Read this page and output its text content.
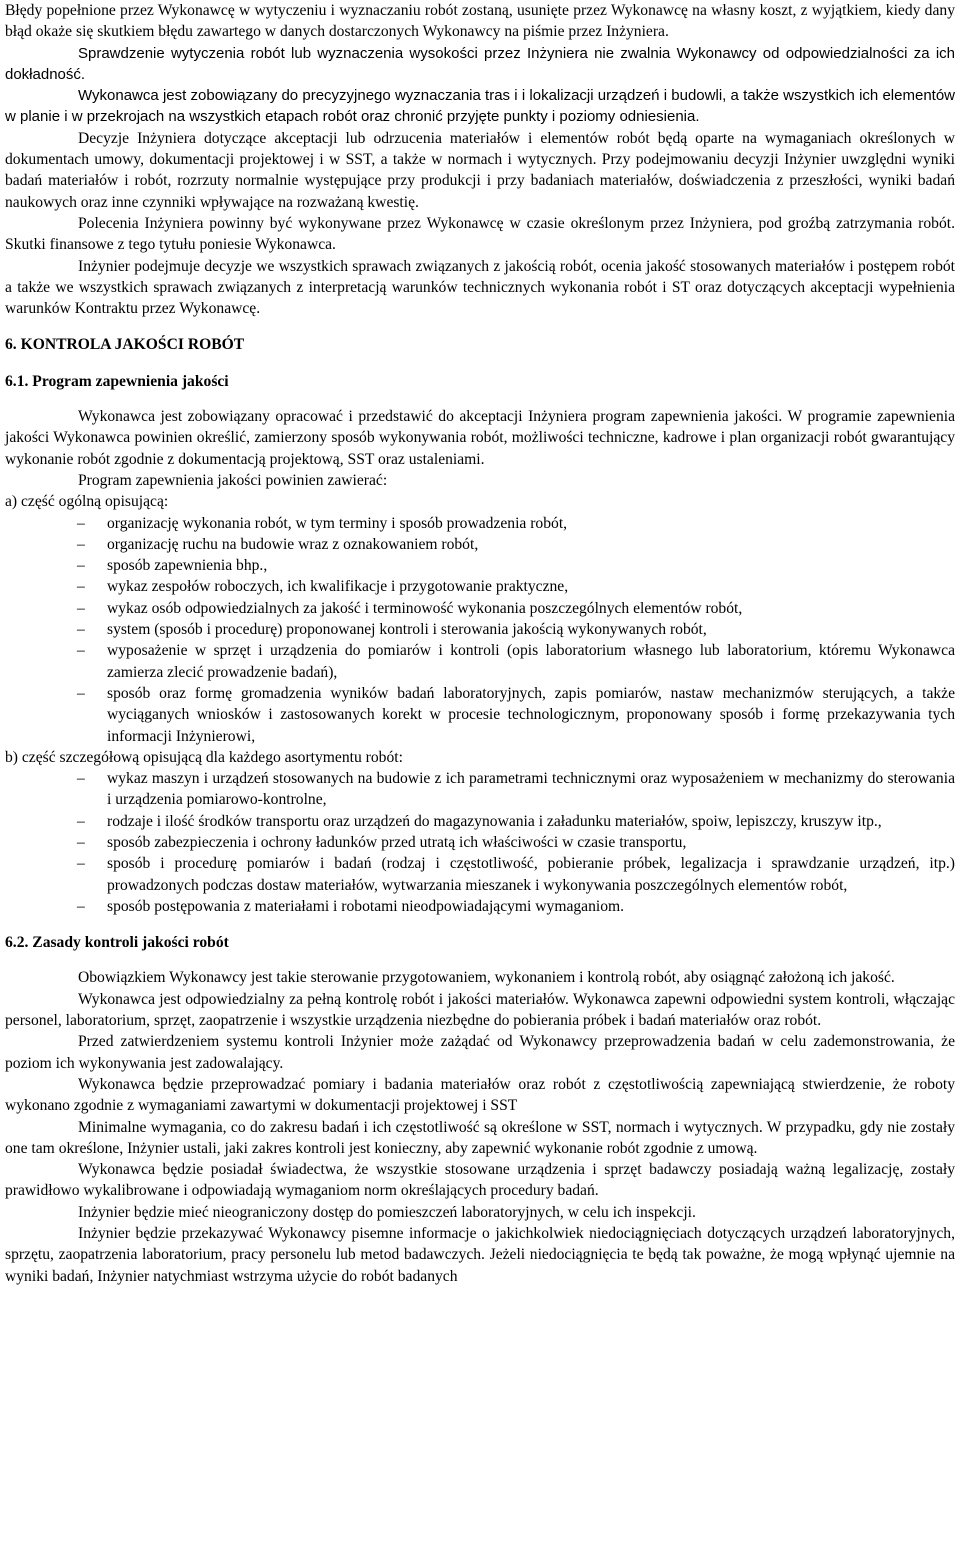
Błędy popełnione przez Wykonawcę w wytyczeniu i wyznaczaniu robót zostaną, usunięte przez Wykonawcę na własny koszt, z wyjątkiem, kiedy dany błąd okaże się skutkiem błędu zawartego w danych dostarczonych Wykonawcy na piśmie przez Inżyniera.

Sprawdzenie wytyczenia robót lub wyznaczenia wysokości przez Inżyniera nie zwalnia Wykonawcy od odpowiedzialności za ich dokładność.

Wykonawca jest zobowiązany do precyzyjnego wyznaczania tras i i lokalizacji urządzeń i budowli, a także wszystkich ich elementów w planie i w przekrojach na wszystkich etapach robót oraz chronić przyjęte punkty i poziomy odniesienia.

Decyzje Inżyniera dotyczące akceptacji lub odrzucenia materiałów i elementów robót będą oparte na wymaganiach określonych w dokumentach umowy, dokumentacji projektowej i w SST, a także w normach i wytycznych. Przy podejmowaniu decyzji Inżynier uwzględni wyniki badań materiałów i robót, rozrzuty normalnie występujące przy produkcji i przy badaniach materiałów, doświadczenia z przeszłości, wyniki badań naukowych oraz inne czynniki wpływające na rozważaną kwestię.

Polecenia Inżyniera powinny być wykonywane przez Wykonawcę w czasie określonym przez Inżyniera, pod groźbą zatrzymania robót. Skutki finansowe z tego tytułu poniesie Wykonawca.

Inżynier podejmuje decyzje we wszystkich sprawach związanych z jakością robót, ocenia jakość stosowanych materiałów i postępem robót a także we wszystkich sprawach związanych z interpretacją warunków technicznych wykonania robót i ST oraz dotyczących akceptacji wypełnienia warunków Kontraktu przez Wykonawcę.

6. KONTROLA JAKOŚCI ROBÓT
6.1. Program zapewnienia jakości

Wykonawca jest zobowiązany opracować i przedstawić do akceptacji Inżyniera program zapewnienia jakości. W programie zapewnienia jakości Wykonawca powinien określić, zamierzony sposób wykonywania robót, możliwości techniczne, kadrowe i plan organizacji robót gwarantujący wykonanie robót zgodnie z dokumentacją projektową, SST oraz ustaleniami.

Program zapewnienia jakości powinien zawierać:

a) część ogólną opisującą:

– organizację wykonania robót, w tym terminy i sposób prowadzenia robót,
– organizację ruchu na budowie wraz z oznakowaniem robót,
– sposób zapewnienia bhp.,
– wykaz zespołów roboczych, ich kwalifikacje i przygotowanie praktyczne,
– wykaz osób odpowiedzialnych za jakość i terminowość wykonania poszczególnych elementów robót,
– system (sposób i procedurę) proponowanej kontroli i sterowania jakością wykonywanych robót,
– wyposażenie w sprzęt i urządzenia do pomiarów i kontroli (opis laboratorium własnego lub laboratorium, któremu Wykonawca zamierza zlecić prowadzenie badań),
– sposób oraz formę gromadzenia wyników badań laboratoryjnych, zapis pomiarów, nastaw mechanizmów sterujących, a także wyciąganych wniosków i zastosowanych korekt w procesie technologicznym, proponowany sposób i formę przekazywania tych informacji Inżynierowi,

b) część szczegółową opisującą dla każdego asortymentu robót:

– wykaz maszyn i urządzeń stosowanych na budowie z ich parametrami technicznymi oraz wyposażeniem w mechanizmy do sterowania i urządzenia pomiarowo-kontrolne,
– rodzaje i ilość środków transportu oraz urządzeń do magazynowania i załadunku materiałów, spoiw, lepiszczy, kruszyw itp.,
– sposób zabezpieczenia i ochrony ładunków przed utratą ich właściwości w czasie transportu,
– sposób i procedurę pomiarów i badań (rodzaj i częstotliwość, pobieranie próbek, legalizacja i sprawdzanie urządzeń, itp.) prowadzonych podczas dostaw materiałów, wytwarzania mieszanek i wykonywania poszczególnych elementów robót,
– sposób postępowania z materiałami i robotami nieodpowiadającymi wymaganiom.
6.2. Zasady kontroli jakości robót

Obowiązkiem Wykonawcy jest takie sterowanie przygotowaniem, wykonaniem i kontrolą robót, aby osiągnąć założoną ich jakość.

Wykonawca jest odpowiedzialny za pełną kontrolę robót i jakości materiałów. Wykonawca zapewni odpowiedni system kontroli, włączając personel, laboratorium, sprzęt, zaopatrzenie i wszystkie urządzenia niezbędne do pobierania próbek i badań materiałów oraz robót.

Przed zatwierdzeniem systemu kontroli Inżynier może zażądać od Wykonawcy przeprowadzenia badań w celu zademonstrowania, że poziom ich wykonywania jest zadowalający.

Wykonawca będzie przeprowadzać pomiary i badania materiałów oraz robót z częstotliwością zapewniającą stwierdzenie, że roboty wykonano zgodnie z wymaganiami zawartymi w dokumentacji projektowej i SST

Minimalne wymagania, co do zakresu badań i ich częstotliwość są określone w SST, normach i wytycznych. W przypadku, gdy nie zostały one tam określone, Inżynier ustali, jaki zakres kontroli jest konieczny, aby zapewnić wykonanie robót zgodnie z umową.

Wykonawca będzie posiadał świadectwa, że wszystkie stosowane urządzenia i sprzęt badawczy posiadają ważną legalizację, zostały prawidłowo wykalibrowane i odpowiadają wymaganiom norm określających procedury badań.

Inżynier będzie mieć nieograniczony dostęp do pomieszczeń laboratoryjnych, w celu ich inspekcji.

Inżynier będzie przekazywać Wykonawcy pisemne informacje o jakichkolwiek niedociągnięciach dotyczących urządzeń laboratoryjnych, sprzętu, zaopatrzenia laboratorium, pracy personelu lub metod badawczych. Jeżeli niedociągnięcia te będą tak poważne, że mogą wpłynąć ujemnie na wyniki badań, Inżynier natychmiast wstrzyma użycie do robót badanych
